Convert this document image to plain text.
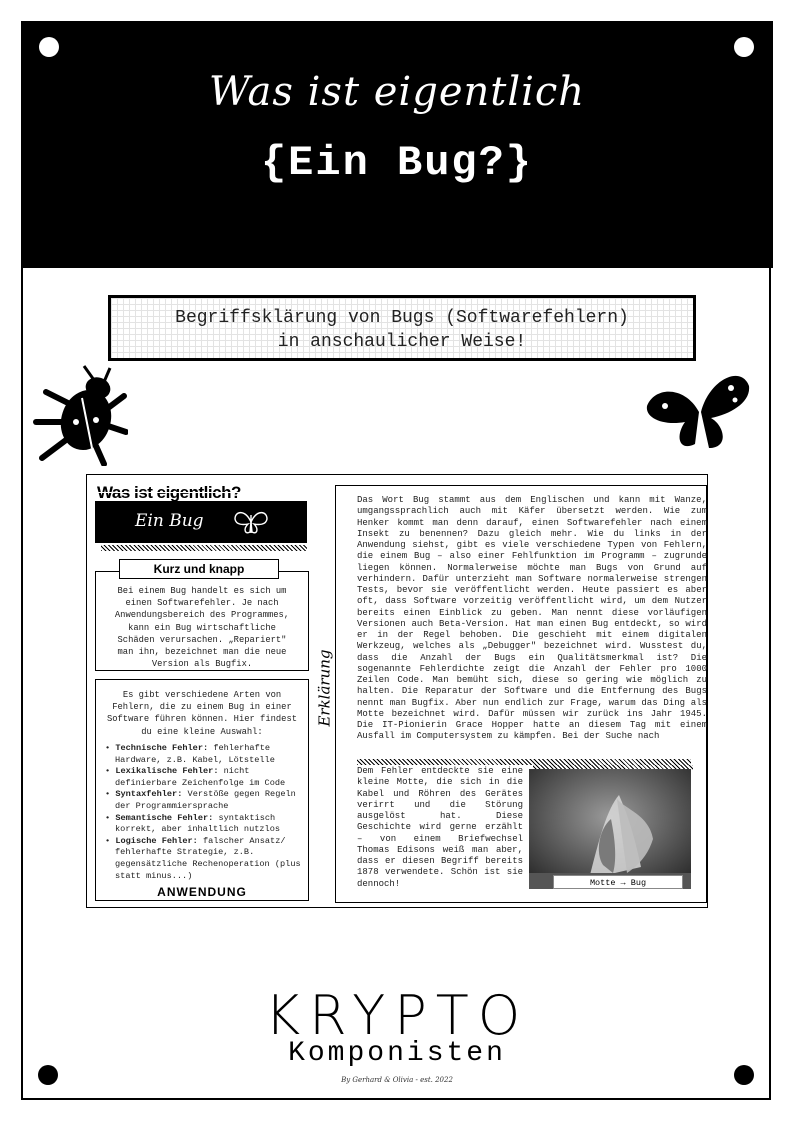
Was ist eigentlich
{Ein Bug?}
Begriffsklärung von Bugs (Softwarefehlern)
in anschaulicher Weise!
Was ist eigentlich?
Ein Bug
Kurz und knapp
Bei einem Bug handelt es sich um einen Softwarefehler. Je nach Anwendungsbereich des Programmes, kann ein Bug wirtschaftliche Schäden verursachen. „Repariert" man ihn, bezeichnet man die neue Version als Bugfix.
Es gibt verschiedene Arten von Fehlern, die zu einem Bug in einer Software führen können. Hier findest du eine kleine Auswahl:
• Technische Fehler: fehlerhafte Hardware, z.B. Kabel, Lötstelle
• Lexikalische Fehler: nicht definierbare Zeichenfolge im Code
• Syntaxfehler: Verstöße gegen Regeln der Programmiersprache
• Semantische Fehler: syntaktisch korrekt, aber inhaltlich nutzlos
• Logische Fehler: falscher Ansatz/ fehlerhafte Strategie, z.B. gegensätzliche Rechenoperation (plus statt minus...)
ANWENDUNG
Erklärung

Das Wort Bug stammt aus dem Englischen und kann mit Wanze, umgangssprachlich auch mit Käfer übersetzt werden. Wie zum Henker kommt man denn darauf, einen Softwarefehler nach einem Insekt zu benennen? Dazu gleich mehr. Wie du links in der Anwendung siehst, gibt es viele verschiedene Typen von Fehlern, die einem Bug – also einer Fehlfunktion im Programm – zugrunde liegen können. Normalerweise möchte man Bugs von Grund auf verhindern. Dafür unterzieht man Software normalerweise strengen Tests, bevor sie veröffentlicht werden. Heute passiert es aber oft, dass Software vorzeitig veröffentlicht wird, um dem Nutzer bereits einen Einblick zu geben. Man nennt diese vorläufigen Versionen auch Beta-Version. Hat man einen Bug entdeckt, so wird er in der Regel behoben. Die geschieht mit einem digitalen Werkzeug, welches als „Debugger" bezeichnet wird. Wusstest du, dass die Anzahl der Bugs ein Qualitätsmerkmal ist? Die sogenannte Fehlerdichte zeigt die Anzahl der Fehler pro 1000 Zeilen Code. Man bemüht sich, diese so gering wie möglich zu halten. Die Reparatur der Software und die Entfernung des Bugs nennt man Bugfix. Aber nun endlich zur Frage, warum das Ding als Motte bezeichnet wird. Dafür müssen wir zurück ins Jahr 1945. Die IT-Pionierin Grace Hopper hatte an diesem Tag mit einem Ausfall im Computersystem zu kämpfen. Bei der Suche nach

Dem Fehler entdeckte sie eine kleine Motte, die sich in die Kabel und Röhren des Gerätes verirrt und die Störung ausgelöst hat. Diese Geschichte wird gerne erzählt – von einem Briefwechsel Thomas Edisons weiß man aber, dass er diesen Begriff bereits 1878 verwendete. Schön ist sie dennoch!	Motte → Bug
KRYPTO
Komponisten
By Gerhard & Olivia - est. 2022
